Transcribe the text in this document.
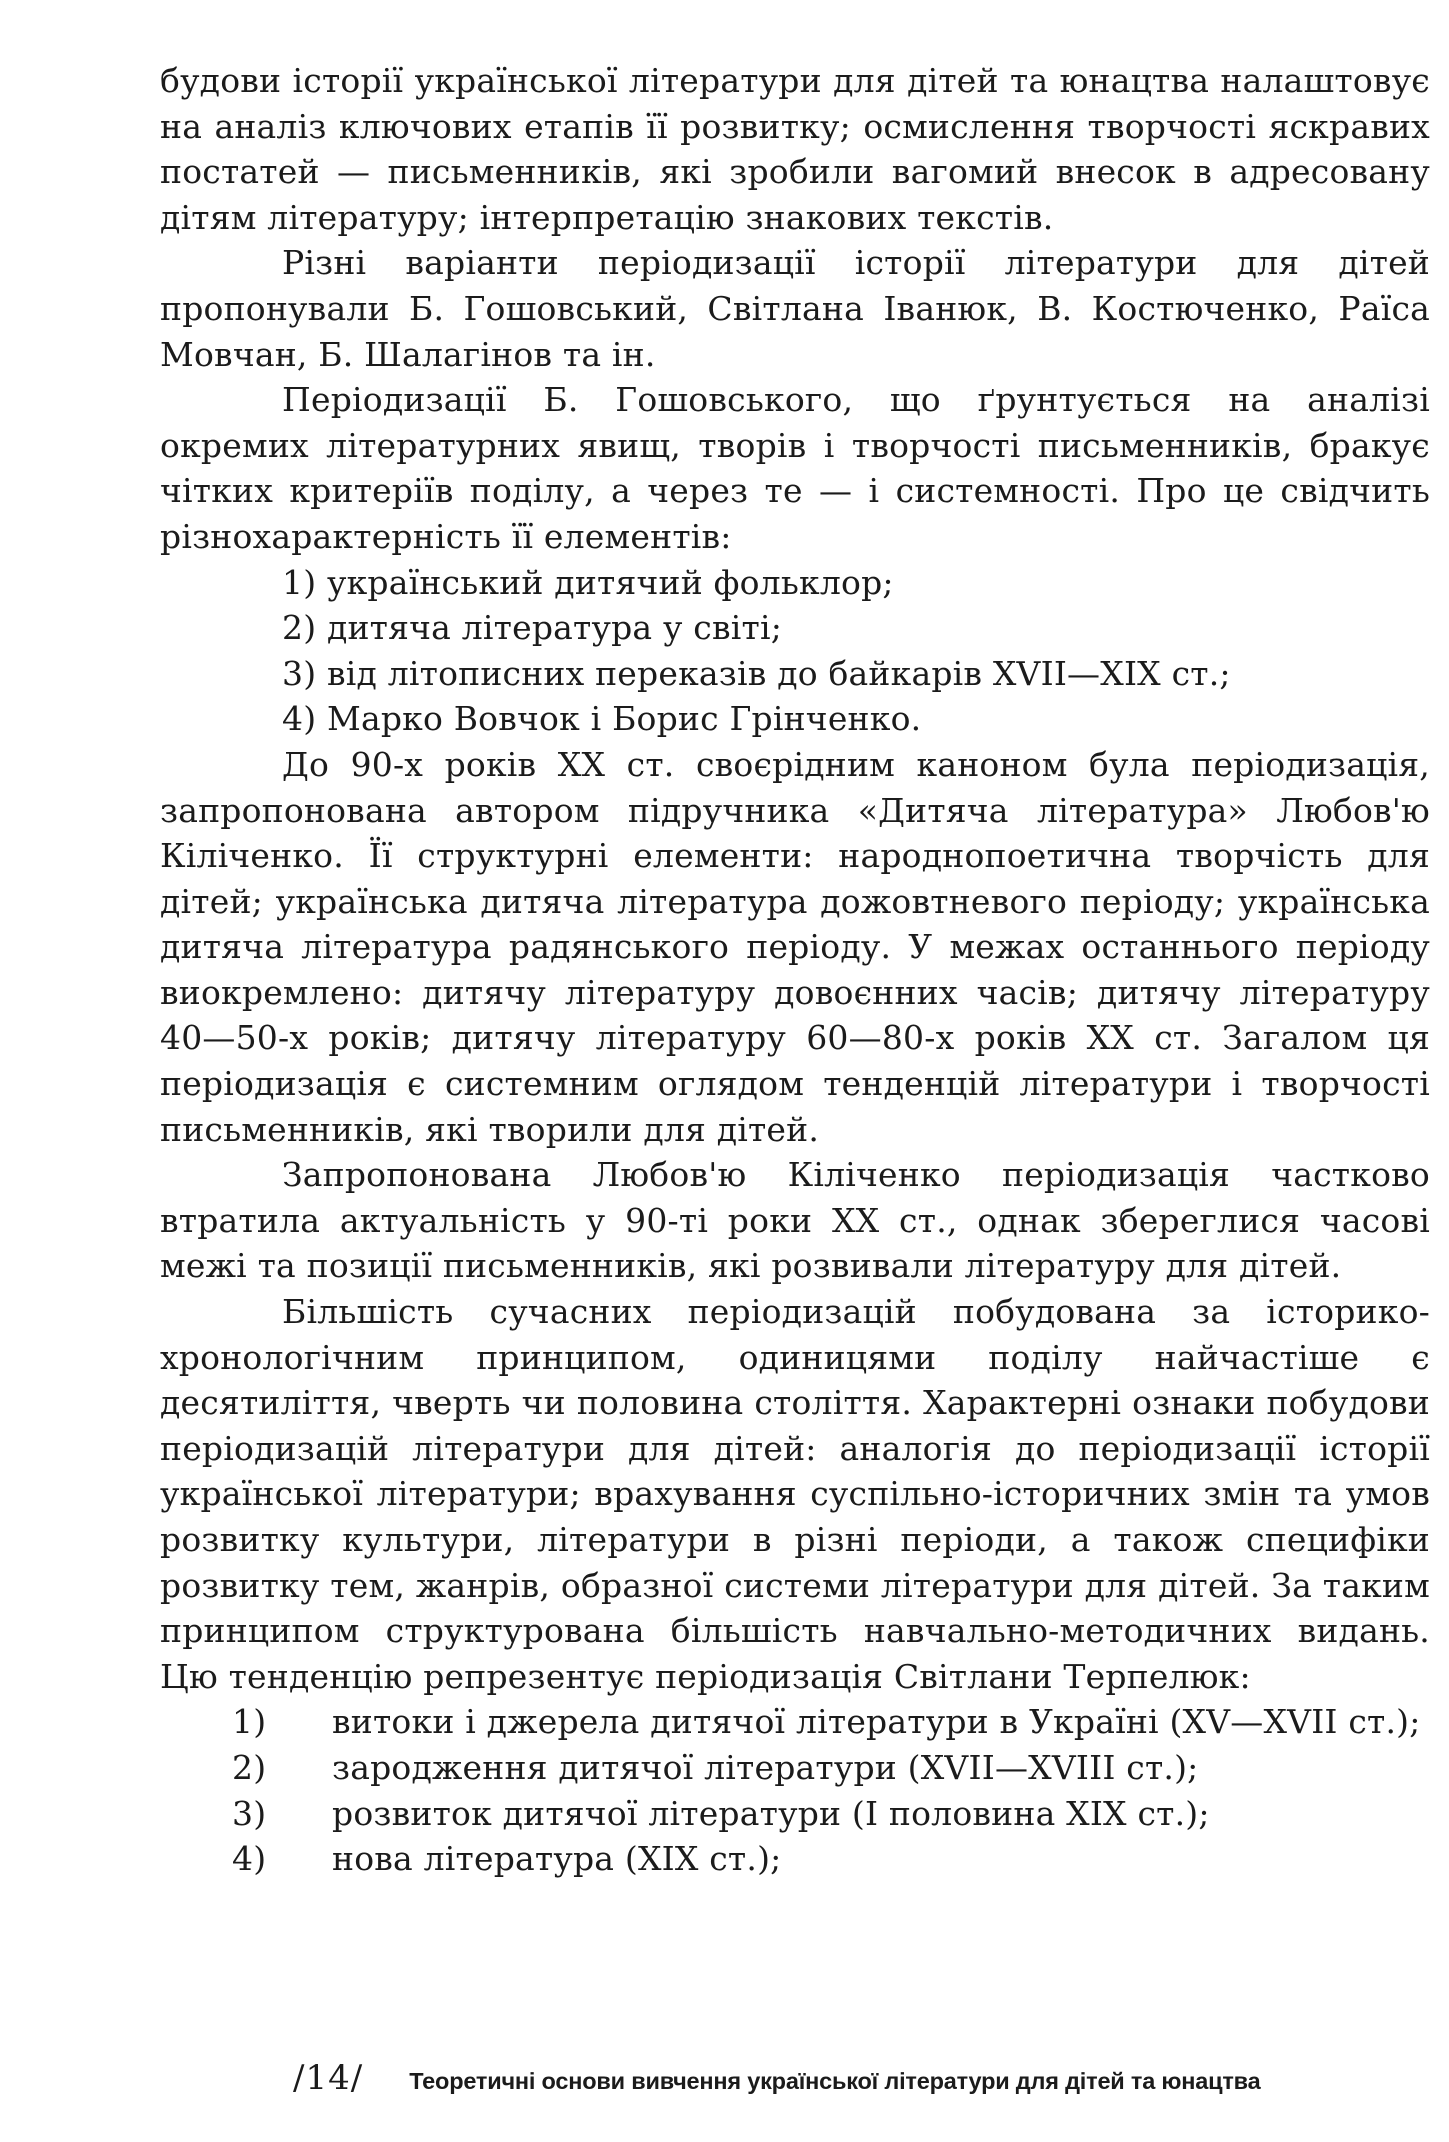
будови історії української літератури для дітей та юнацтва налаштовує на аналіз ключових етапів її розвитку; осмислення творчості яскравих постатей — письменників, які зробили вагомий внесок в адресовану дітям літературу; інтерпретацію знакових текстів.

Різні варіанти періодизації історії літератури для дітей пропонували Б. Гошовський, Світлана Іванюк, В. Костюченко, Раїса Мовчан, Б. Шалагінов та ін.

Періодизації Б. Гошовського, що ґрунтується на аналізі окремих літературних явищ, творів і творчості письменників, бракує чітких критеріїв поділу, а через те — і системності. Про це свідчить різнохарактерність її елементів:

1) український дитячий фольклор;
2) дитяча література у світі;
3) від літописних переказів до байкарів XVII—XIX ст.;
4) Марко Вовчок і Борис Грінченко.

До 90-х років XX ст. своєрідним каноном була періодизація, запропонована автором підручника «Дитяча література» Любов'ю Кіліченко. Її структурні елементи: народнопоетична творчість для дітей; українська дитяча література дожовтневого періоду; українська дитяча література радянського періоду. У межах останнього періоду виокремлено: дитячу літературу довоєнних часів; дитячу літературу 40—50-х років; дитячу літературу 60—80-х років XX ст. Загалом ця періодизація є системним оглядом тенденцій літератури і творчості письменників, які творили для дітей.

Запропонована Любов'ю Кіліченко періодизація частково втратила актуальність у 90-ті роки XX ст., однак збереглися часові межі та позиції письменників, які розвивали літературу для дітей.

Більшість сучасних періодизацій побудована за історико-хронологічним принципом, одиницями поділу найчастіше є десятиліття, чверть чи половина століття. Характерні ознаки побудови періодизацій літератури для дітей: аналогія до періодизації історії української літератури; врахування суспільно-історичних змін та умов розвитку культури, літератури в різні періоди, а також специфіки розвитку тем, жанрів, образної системи літератури для дітей. За таким принципом структурована більшість навчально-методичних видань. Цю тенденцію репрезентує періодизація Світлани Терпелюк:

1) витоки і джерела дитячої літератури в Україні (XV—XVII ст.);
2) зародження дитячої літератури (XVII—XVIII ст.);
3) розвиток дитячої літератури (I половина XIX ст.);
4) нова література (XIX ст.);
/14/ Теоретичні основи вивчення української літератури для дітей та юнацтва
